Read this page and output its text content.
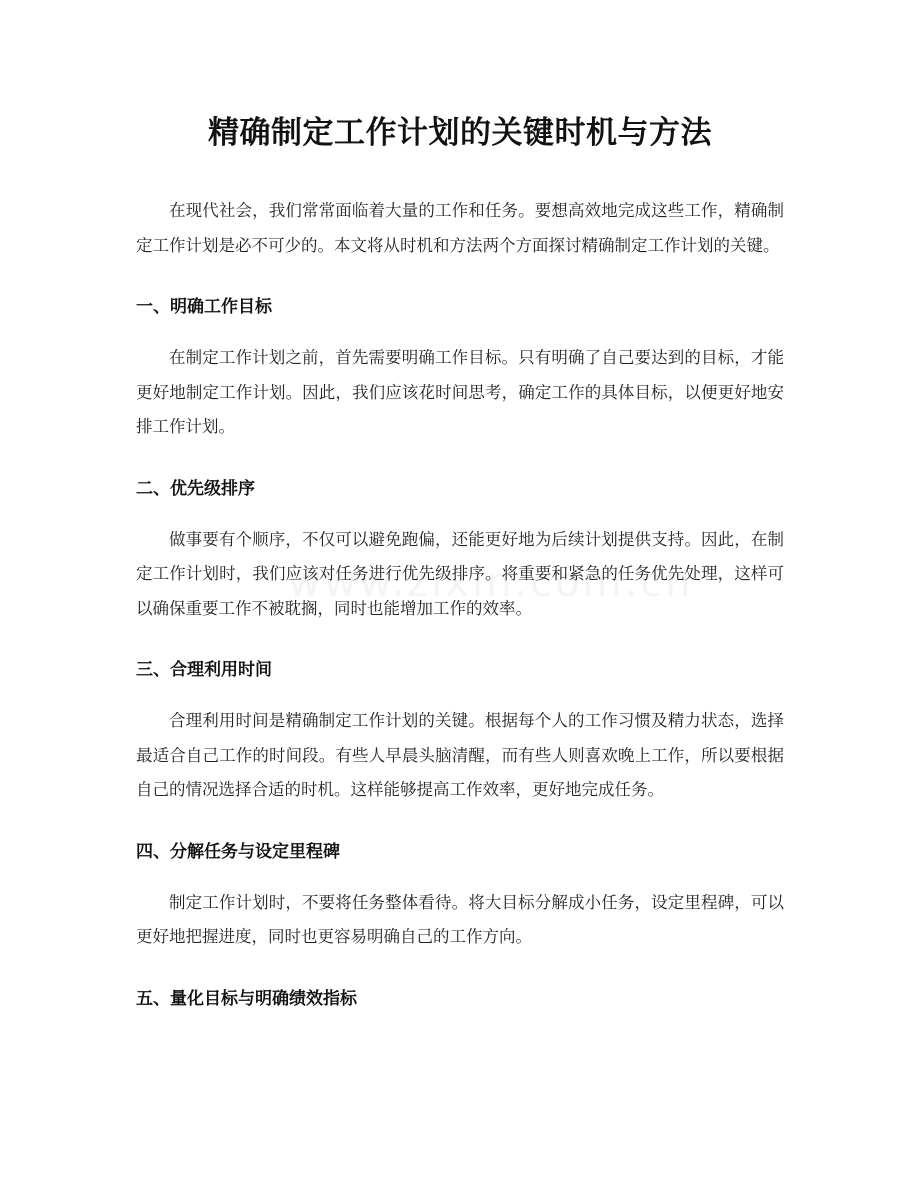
精确制定工作计划的关键时机与方法

在现代社会，我们常常面临着大量的工作和任务。要想高效地完成这些工作，精确制定工作计划是必不可少的。本文将从时机和方法两个方面探讨精确制定工作计划的关键。

一、明确工作目标

在制定工作计划之前，首先需要明确工作目标。只有明确了自己要达到的目标，才能更好地制定工作计划。因此，我们应该花时间思考，确定工作的具体目标，以便更好地安排工作计划。

二、优先级排序

做事要有个顺序，不仅可以避免跑偏，还能更好地为后续计划提供支持。因此，在制定工作计划时，我们应该对任务进行优先级排序。将重要和紧急的任务优先处理，这样可以确保重要工作不被耽搁，同时也能增加工作的效率。

三、合理利用时间

合理利用时间是精确制定工作计划的关键。根据每个人的工作习惯及精力状态，选择最适合自己工作的时间段。有些人早晨头脑清醒，而有些人则喜欢晚上工作，所以要根据自己的情况选择合适的时机。这样能够提高工作效率，更好地完成任务。

四、分解任务与设定里程碑

制定工作计划时，不要将任务整体看待。将大目标分解成小任务，设定里程碑，可以更好地把握进度，同时也更容易明确自己的工作方向。

五、量化目标与明确绩效指标
